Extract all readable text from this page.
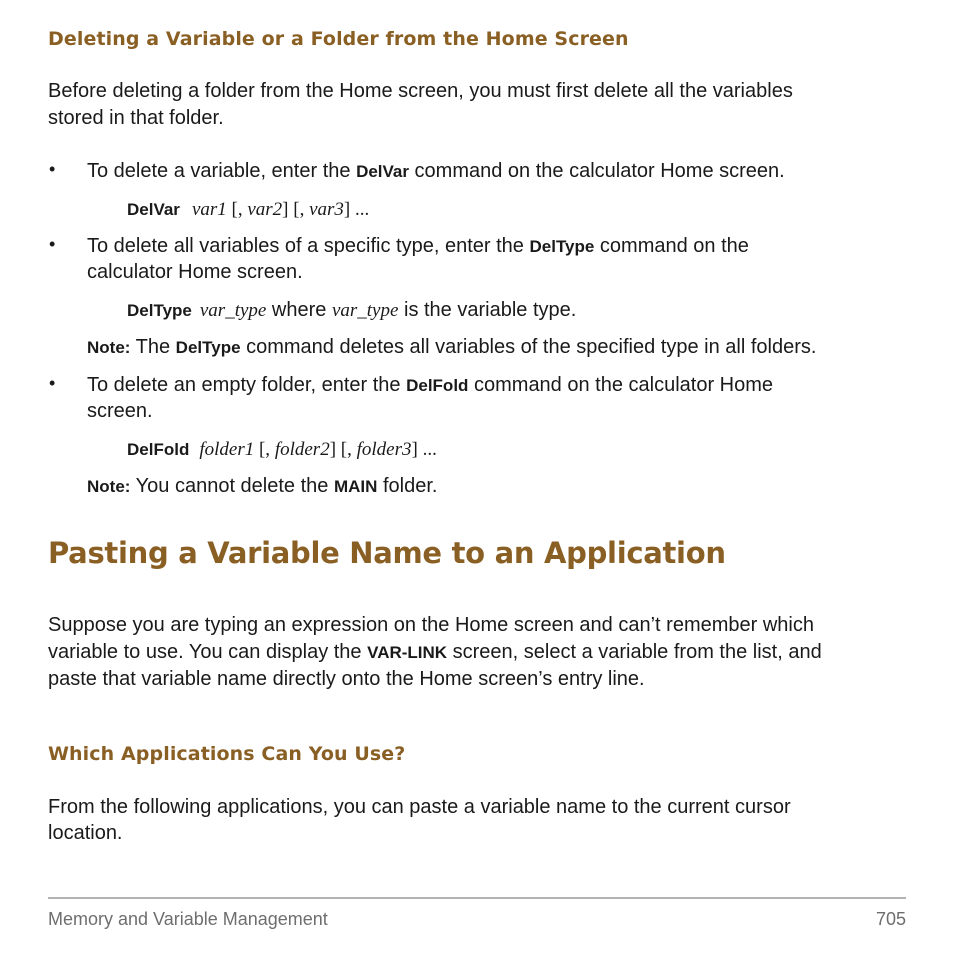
Deleting a Variable or a Folder from the Home Screen
Before deleting a folder from the Home screen, you must first delete all the variables
stored in that folder.
• To delete a variable, enter the DelVar command on the calculator Home screen.
DelVar var1 [, var2] [, var3] ...
• To delete all variables of a specific type, enter the DelType command on the
calculator Home screen.
DelType var_type where var_type is the variable type.
Note: The DelType command deletes all variables of the specified type in all folders.
• To delete an empty folder, enter the DelFold command on the calculator Home
screen.
DelFold folder1 [, folder2] [, folder3] ...
Note: You cannot delete the MAIN folder.
Pasting a Variable Name to an Application
Suppose you are typing an expression on the Home screen and can’t remember which
variable to use. You can display the VAR-LINK screen, select a variable from the list, and
paste that variable name directly onto the Home screen’s entry line.
Which Applications Can You Use?
From the following applications, you can paste a variable name to the current cursor
location.
Memory and Variable Management	705
